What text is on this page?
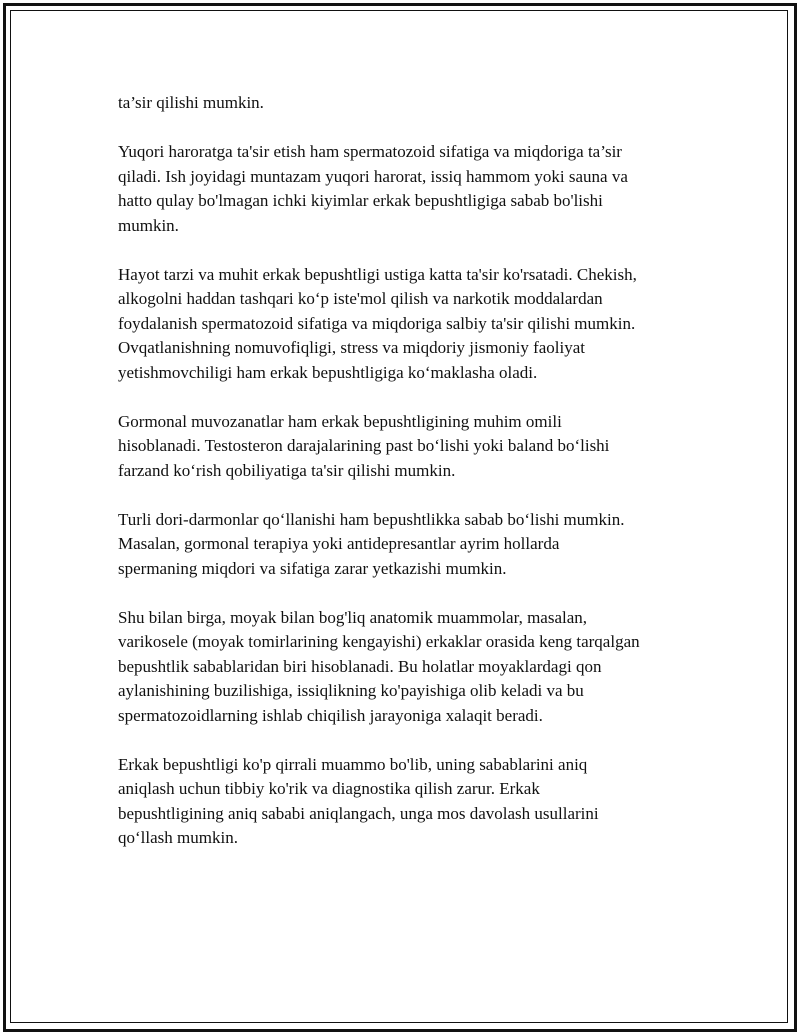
ta’sir qilishi mumkin.

Yuqori haroratga ta'sir etish ham spermatozoid sifatiga va miqdoriga ta’sir
qiladi. Ish joyidagi muntazam yuqori harorat, issiq hammom yoki sauna va
hatto qulay bo'lmagan ichki kiyimlar erkak bepushtligiga sabab bo'lishi
mumkin.

Hayot tarzi va muhit erkak bepushtligi ustiga katta ta'sir ko'rsatadi. Chekish,
alkogolni haddan tashqari ko‘p iste'mol qilish va narkotik moddalardan
foydalanish spermatozoid sifatiga va miqdoriga salbiy ta'sir qilishi mumkin.
Ovqatlanishning nomuvofiqligi, stress va miqdoriy jismoniy faoliyat
yetishmovchiligi ham erkak bepushtligiga ko‘maklasha oladi.

Gormonal muvozanatlar ham erkak bepushtligining muhim omili
hisoblanadi. Testosteron darajalarining past bo‘lishi yoki baland bo‘lishi
farzand ko‘rish qobiliyatiga ta'sir qilishi mumkin.

Turli dori-darmonlar qo‘llanishi ham bepushtlikka sabab bo‘lishi mumkin.
Masalan, gormonal terapiya yoki antidepresantlar ayrim hollarda
spermaning miqdori va sifatiga zarar yetkazishi mumkin.

Shu bilan birga, moyak bilan bog'liq anatomik muammolar, masalan,
varikosele (moyak tomirlarining kengayishi) erkaklar orasida keng tarqalgan
bepushtlik sabablaridan biri hisoblanadi. Bu holatlar moyaklardagi qon
aylanishining buzilishiga, issiqlikning ko'payishiga olib keladi va bu
spermatozoidlarning ishlab chiqilish jarayoniga xalaqit beradi.

Erkak bepushtligi ko'p qirrali muammo bo'lib, uning sabablarini aniq
aniqlash uchun tibbiy ko'rik va diagnostika qilish zarur. Erkak
bepushtligining aniq sababi aniqlangach, unga mos davolash usullarini
qo‘llash mumkin.
